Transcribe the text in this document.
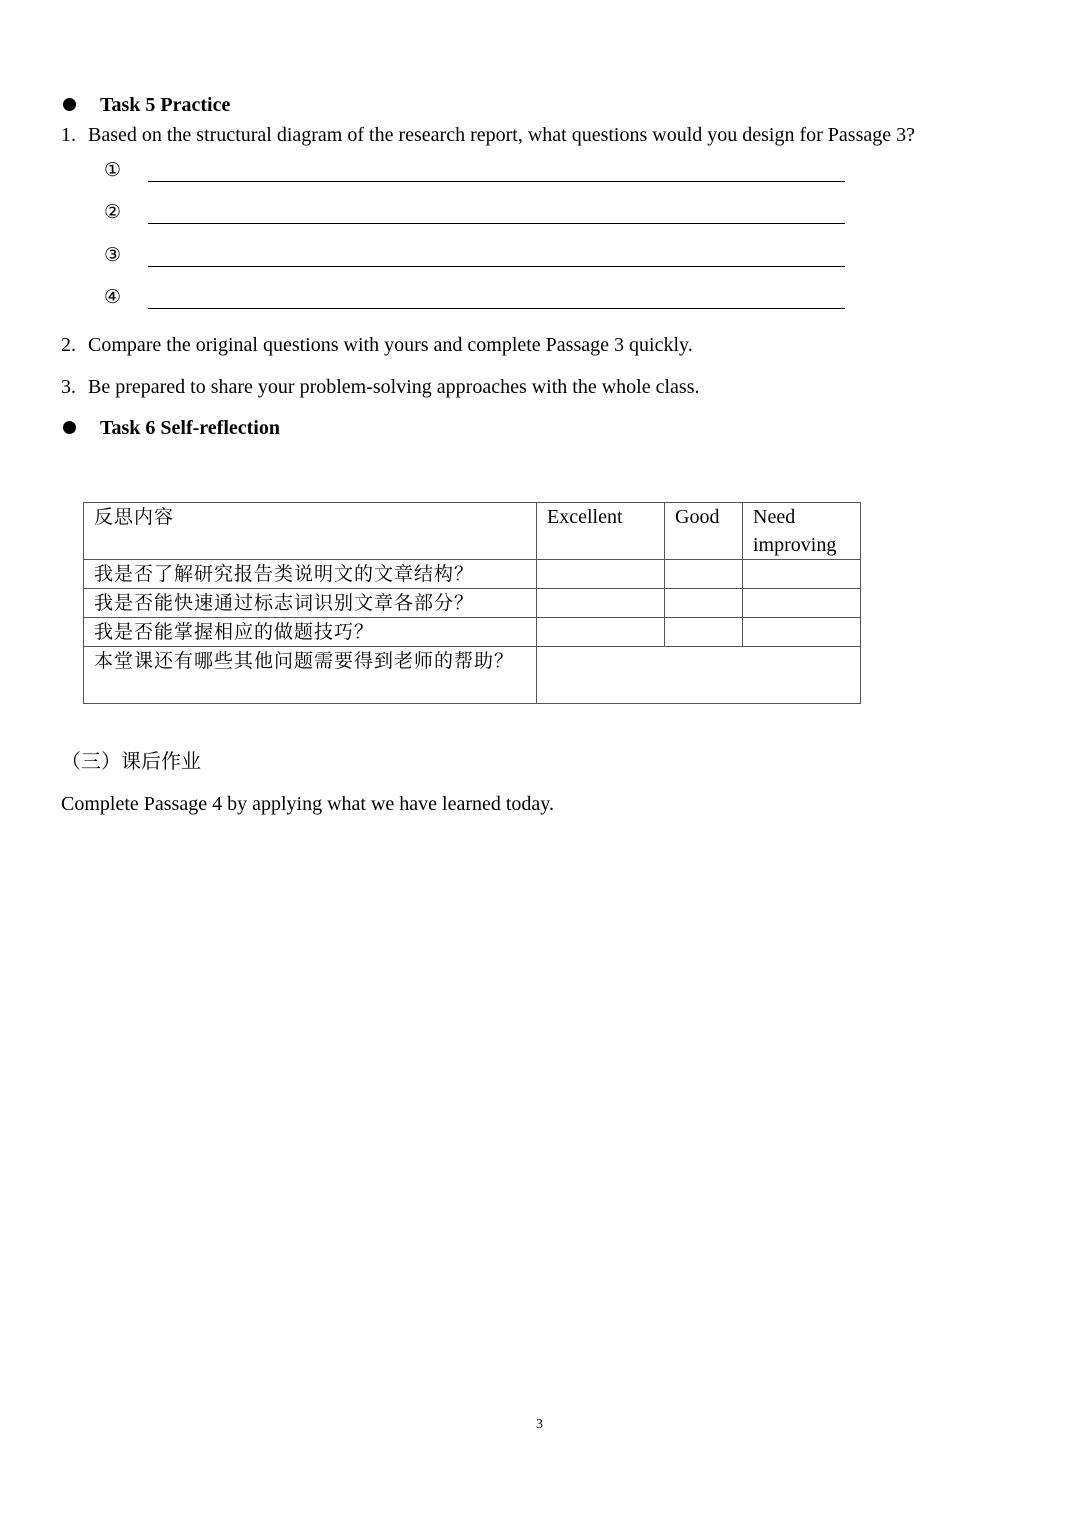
Task 5 Practice
1. Based on the structural diagram of the research report, what questions would you design for Passage 3?
①
②
③
④
2. Compare the original questions with yours and complete Passage 3 quickly.
3. Be prepared to share your problem-solving approaches with the whole class.
Task 6 Self-reflection
反思内容	Excellent	Good	Need improving
我是否了解研究报告类说明文的文章结构？			
我是否能快速通过标志词识别文章各部分？			
我是否能掌握相应的做题技巧？			
本堂课还有哪些其他问题需要得到老师的帮助？			
（三）课后作业
Complete Passage 4 by applying what we have learned today.
3
